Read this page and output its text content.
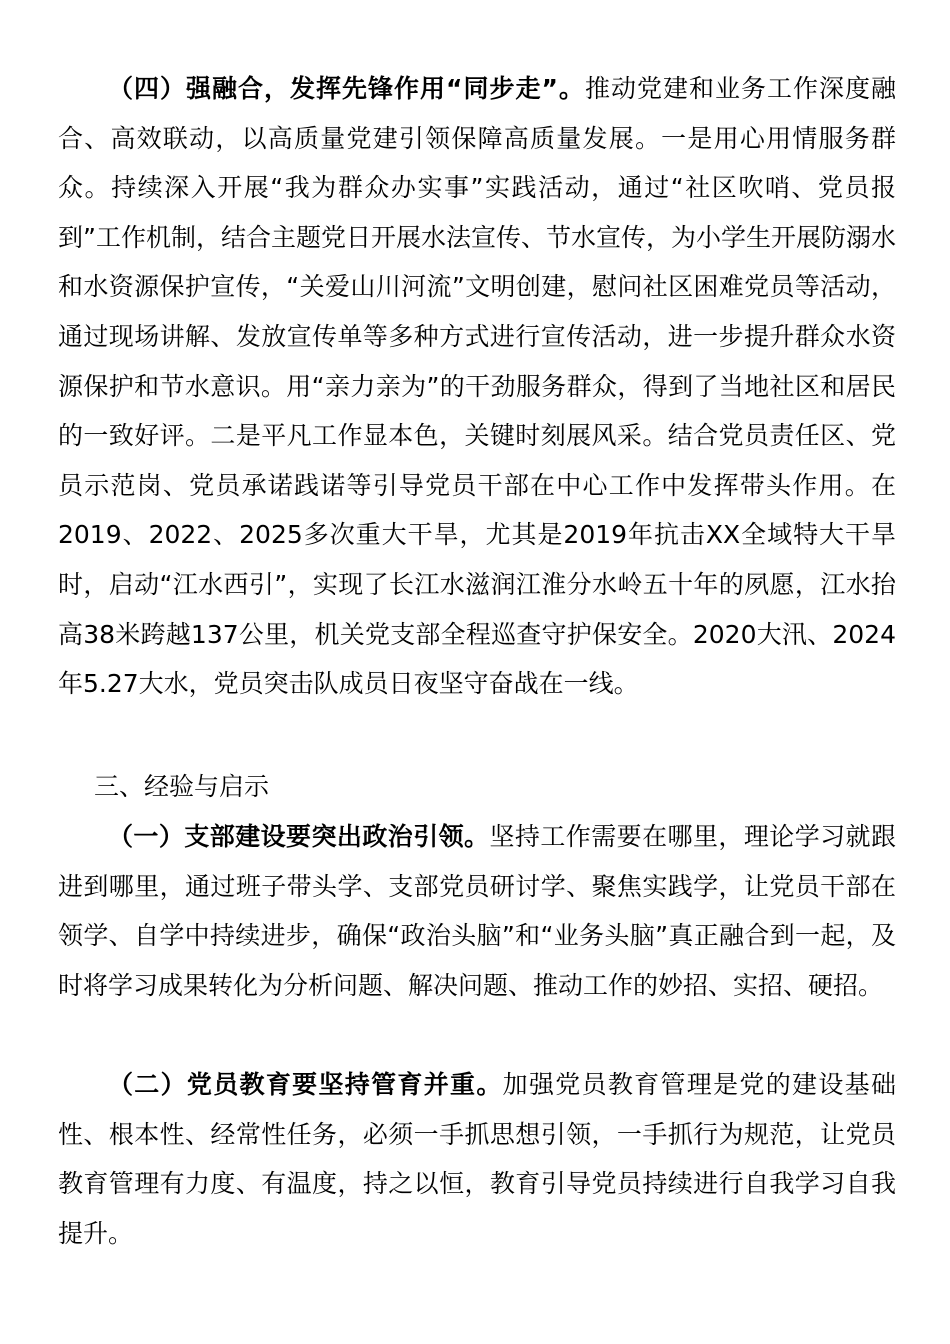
（四）强融合，发挥先锋作用“同步走”。推动党建和业务工作深度融合、高效联动，以高质量党建引领保障高质量发展。一是用心用情服务群众。持续深入开展“我为群众办实事”实践活动，通过“社区吹哨、党员报到”工作机制，结合主题党日开展水法宣传、节水宣传，为小学生开展防溺水和水资源保护宣传，“关爱山川河流”文明创建，慰问社区困难党员等活动，通过现场讲解、发放宣传单等多种方式进行宣传活动，进一步提升群众水资源保护和节水意识。用“亲力亲为”的干劲服务群众，得到了当地社区和居民的一致好评。二是平凡工作显本色，关键时刻展风采。结合党员责任区、党员示范岗、党员承诺践诺等引导党员干部在中心工作中发挥带头作用。在2019、2022、2025多次重大干旱，尤其是2019年抗击XX全域特大干旱时，启动“江水西引”，实现了长江水滋润江淮分水岭五十年的夙愿，江水抬高38米跨越137公里，机关党支部全程巡查守护保安全。2020大汛、2024年5.27大水，党员突击队成员日夜坚守奋战在一线。

三、经验与启示

（一）支部建设要突出政治引领。坚持工作需要在哪里，理论学习就跟进到哪里，通过班子带头学、支部党员研讨学、聚焦实践学，让党员干部在领学、自学中持续进步，确保“政治头脑”和“业务头脑”真正融合到一起，及时将学习成果转化为分析问题、解决问题、推动工作的妙招、实招、硬招。

（二）党员教育要坚持管育并重。加强党员教育管理是党的建设基础性、根本性、经常性任务，必须一手抓思想引领，一手抓行为规范，让党员教育管理有力度、有温度，持之以恒，教育引导党员持续进行自我学习自我提升。
